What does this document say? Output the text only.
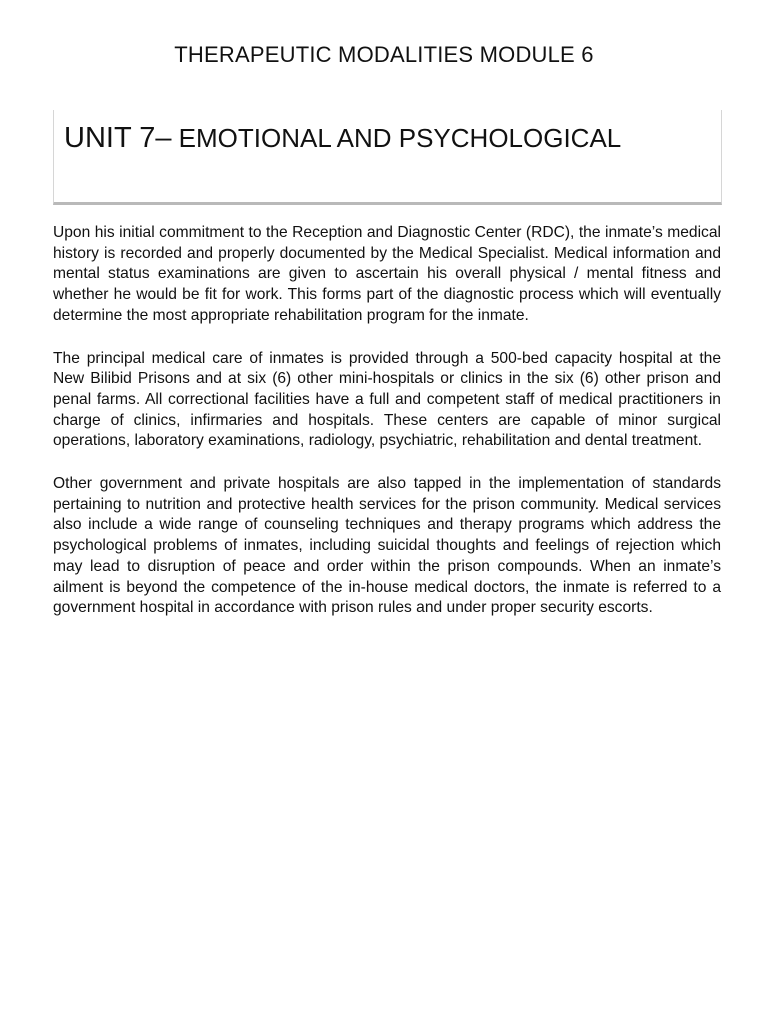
THERAPEUTIC MODALITIES MODULE 6
UNIT 7– EMOTIONAL AND PSYCHOLOGICAL

Upon his initial commitment to the Reception and Diagnostic Center (RDC), the inmate’s medical history is recorded and properly documented by the Medical Specialist. Medical information and mental status examinations are given to ascertain his overall physical / mental fitness and whether he would be fit for work. This forms part of the diagnostic process which will eventually determine the most appropriate rehabilitation program for the inmate.

The principal medical care of inmates is provided through a 500-bed capacity hospital at the New Bilibid Prisons and at six (6) other mini-hospitals or clinics in the six (6) other prison and penal farms. All correctional facilities have a full and competent staff of medical practitioners in charge of clinics, infirmaries and hospitals. These centers are capable of minor surgical operations, laboratory examinations, radiology, psychiatric, rehabilitation and dental treatment.

Other government and private hospitals are also tapped in the implementation of standards pertaining to nutrition and protective health services for the prison community. Medical services also include a wide range of counseling techniques and therapy programs which address the psychological problems of inmates, including suicidal thoughts and feelings of rejection which may lead to disruption of peace and order within the prison compounds. When an inmate’s ailment is beyond the competence of the in-house medical doctors, the inmate is referred to a government hospital in accordance with prison rules and under proper security escorts.
